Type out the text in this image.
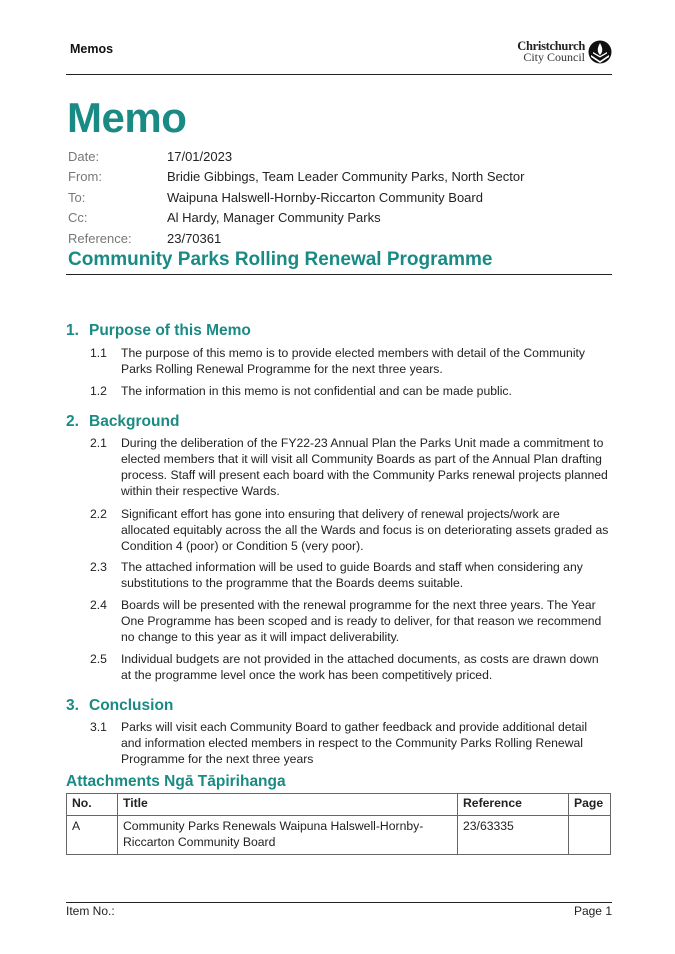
Memos	Christchurch
City Council
Memo
Date:	17/01/2023
From:	Bridie Gibbings, Team Leader Community Parks, North Sector
To:	Waipuna Halswell-Hornby-Riccarton Community Board
Cc:	Al Hardy, Manager Community Parks
Reference:	23/70361
Community Parks Rolling Renewal Programme
1. Purpose of this Memo
1.1	The purpose of this memo is to provide elected members with detail of the Community Parks Rolling Renewal Programme for the next three years.
1.2	The information in this memo is not confidential and can be made public.
2. Background
2.1	During the deliberation of the FY22-23 Annual Plan the Parks Unit made a commitment to elected members that it will visit all Community Boards as part of the Annual Plan drafting process. Staff will present each board with the Community Parks renewal projects planned within their respective Wards.
2.2	Significant effort has gone into ensuring that delivery of renewal projects/work are allocated equitably across the all the Wards and focus is on deteriorating assets graded as Condition 4 (poor) or Condition 5 (very poor).
2.3	The attached information will be used to guide Boards and staff when considering any substitutions to the programme that the Boards deems suitable.
2.4	Boards will be presented with the renewal programme for the next three years. The Year One Programme has been scoped and is ready to deliver, for that reason we recommend no change to this year as it will impact deliverability.
2.5	Individual budgets are not provided in the attached documents, as costs are drawn down at the programme level once the work has been competitively priced.
3. Conclusion
3.1	Parks will visit each Community Board to gather feedback and provide additional detail and information elected members in respect to the Community Parks Rolling Renewal Programme for the next three years
Attachments Ngā Tāpirihanga
No.	Title	Reference	Page
A	Community Parks Renewals Waipuna Halswell-Hornby-Riccarton Community Board	23/63335	
Item No.:	Page 1
